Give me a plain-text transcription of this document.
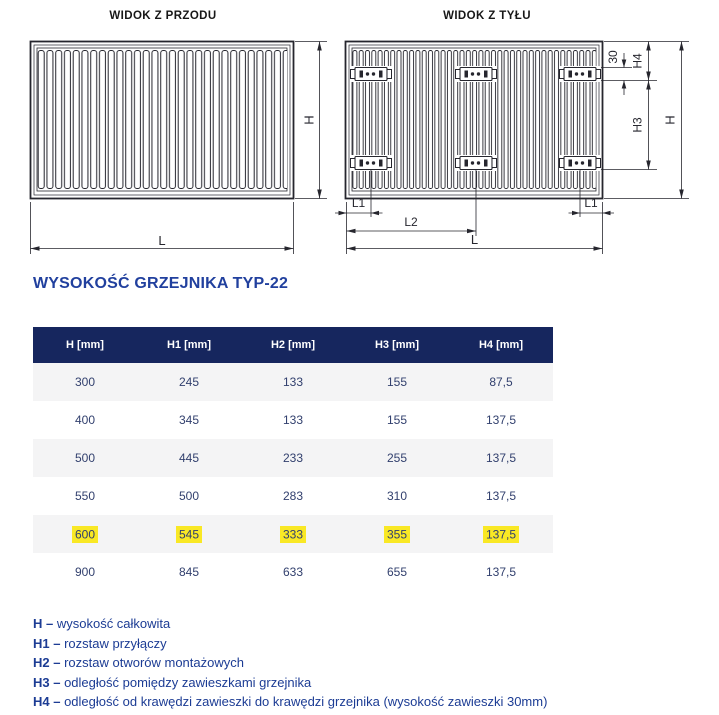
WIDOK Z PRZODU
H
L
WIDOK Z TYŁU
30 H4
H3 H
L1	L1
L2
L
WYSOKOŚĆ GRZEJNIKA TYP-22
H [mm]	H1 [mm]	H2 [mm]	H3 [mm]	H4 [mm]
300	245	133	155	87,5
400	345	133	155	137,5
500	445	233	255	137,5
550	500	283	310	137,5
600	545	333	355	137,5
900	845	633	655	137,5
H – wysokość całkowita
H1 – rozstaw przyłączy
H2 – rozstaw otworów montażowych
H3 – odległość pomiędzy zawieszkami grzejnika
H4 – odległość od krawędzi zawieszki do krawędzi grzejnika (wysokość zawieszki 30mm)
